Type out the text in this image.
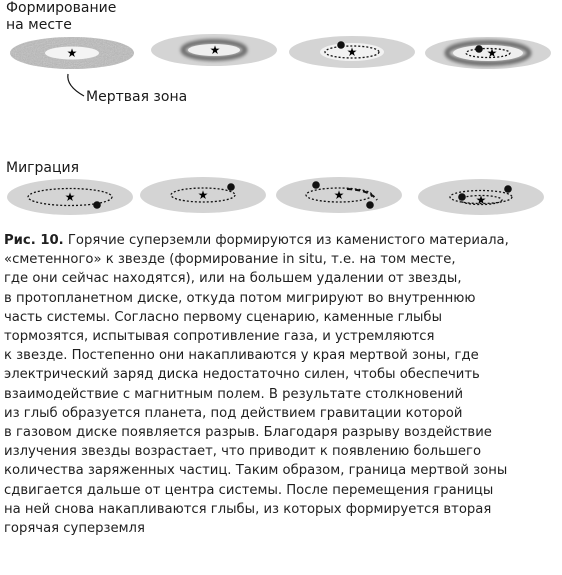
Формирование
на месте
Мертвая зона
Миграция
★	★	★	★
★	★	★	★
Рис. 10. Горячие суперземли формируются из каменистого материала,
«сметенного» к звезде (формирование in situ, т.е. на том месте,
где они сейчас находятся), или на большем удалении от звезды,
в протопланетном диске, откуда потом мигрируют во внутреннюю
часть системы. Согласно первому сценарию, каменные глыбы
тормозятся, испытывая сопротивление газа, и устремляются
к звезде. Постепенно они накапливаются у края мертвой зоны, где
электрический заряд диска недостаточно силен, чтобы обеспечить
взаимодействие с магнитным полем. В результате столкновений
из глыб образуется планета, под действием гравитации которой
в газовом диске появляется разрыв. Благодаря разрыву воздействие
излучения звезды возрастает, что приводит к появлению большего
количества заряженных частиц. Таким образом, граница мертвой зоны
сдвигается дальше от центра системы. После перемещения границы
на ней снова накапливаются глыбы, из которых формируется вторая
горячая суперземля
